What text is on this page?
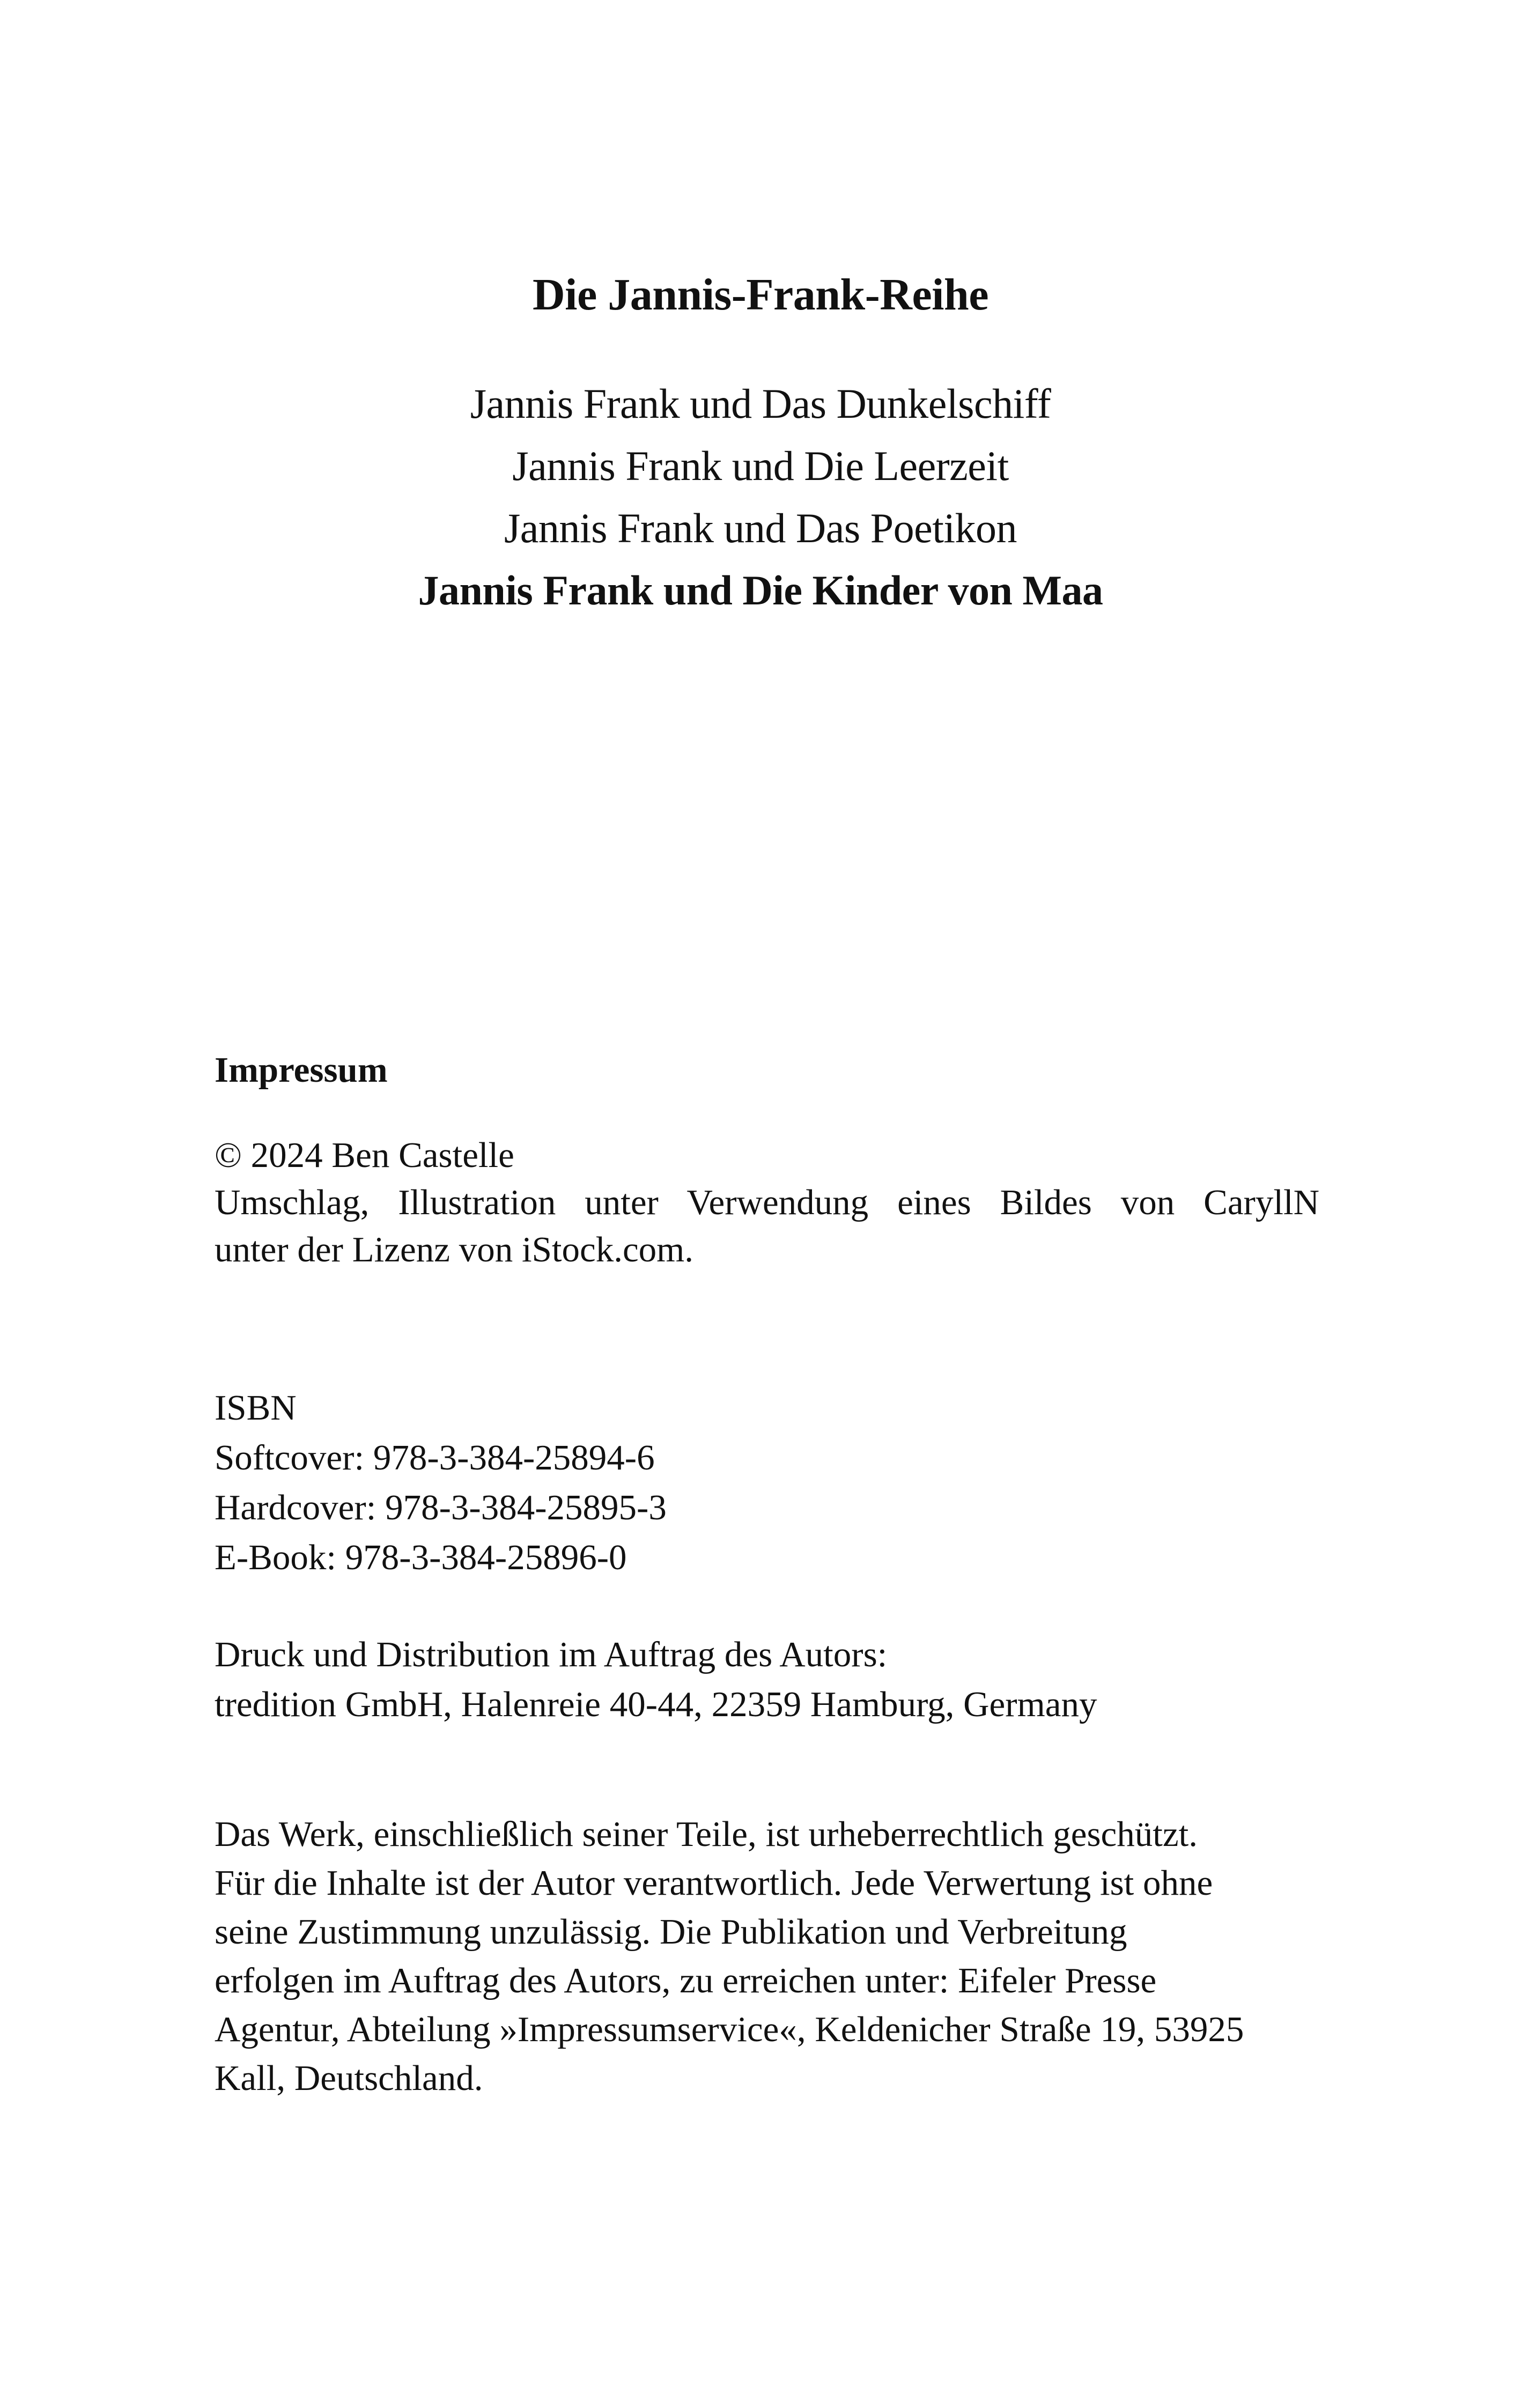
Die Jannis-Frank-Reihe
Jannis Frank und Das Dunkelschiff
Jannis Frank und Die Leerzeit
Jannis Frank und Das Poetikon
Jannis Frank und Die Kinder von Maa
Impressum

© 2024 Ben Castelle
Umschlag, Illustration unter Verwendung eines Bildes von CaryllN
unter der Lizenz von iStock.com.

ISBN
Softcover: 978-3-384-25894-6
Hardcover: 978-3-384-25895-3
E-Book: 978-3-384-25896-0

Druck und Distribution im Auftrag des Autors:
tredition GmbH, Halenreie 40-44, 22359 Hamburg, Germany

Das Werk, einschließlich seiner Teile, ist urheberrechtlich geschützt.
Für die Inhalte ist der Autor verantwortlich. Jede Verwertung ist ohne
seine Zustimmung unzulässig. Die Publikation und Verbreitung
erfolgen im Auftrag des Autors, zu erreichen unter: Eifeler Presse
Agentur, Abteilung »Impressumservice«, Keldenicher Straße 19, 53925
Kall, Deutschland.
